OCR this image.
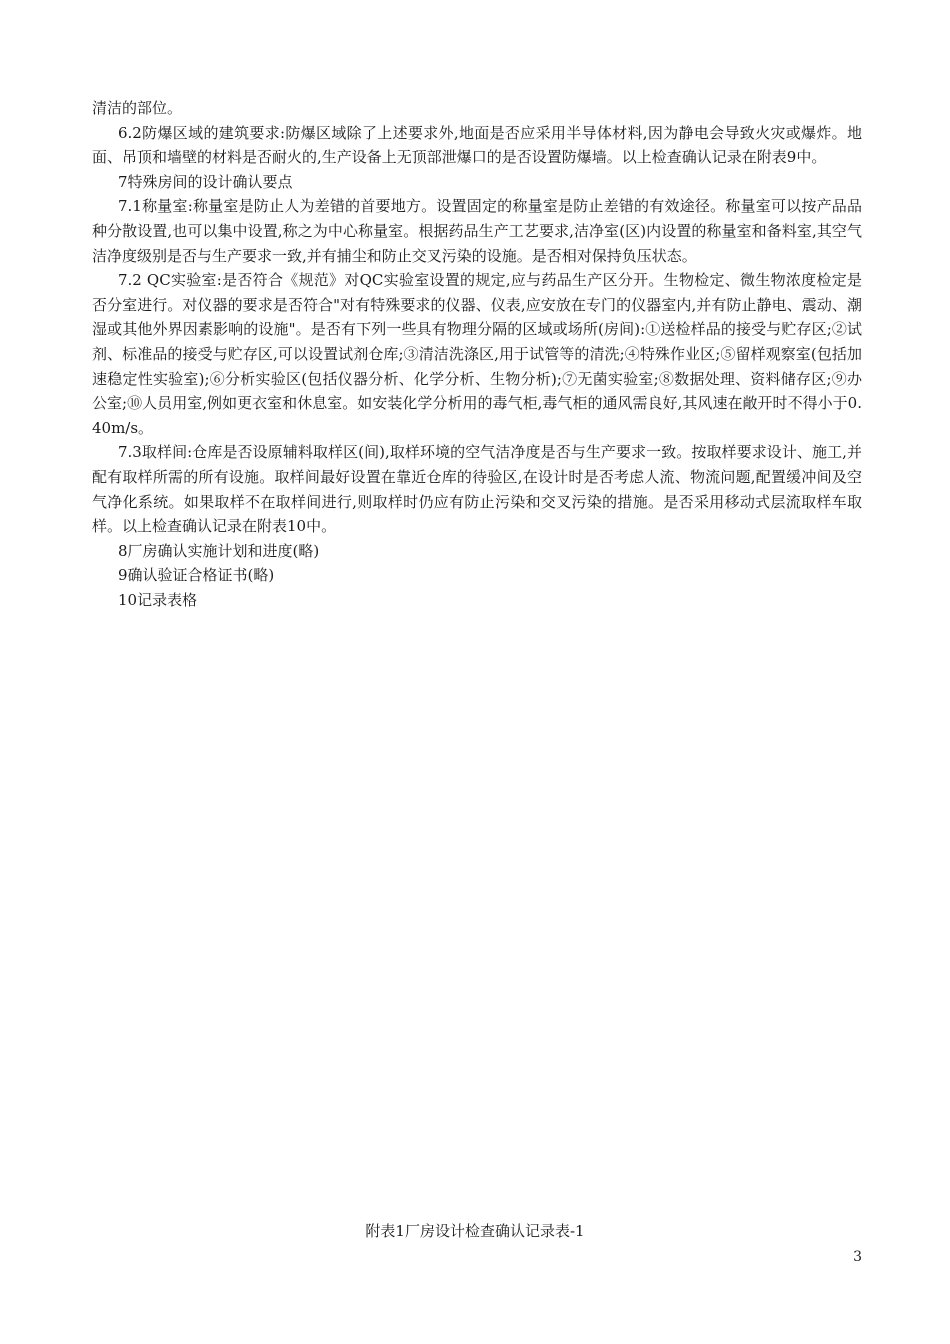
清洁的部位。

6.2防爆区域的建筑要求:防爆区域除了上述要求外,地面是否应采用半导体材料,因为静电会导致火灾或爆炸。地面、吊顶和墙壁的材料是否耐火的,生产设备上无顶部泄爆口的是否设置防爆墙。以上检查确认记录在附表9中。

7特殊房间的设计确认要点

7.1称量室:称量室是防止人为差错的首要地方。设置固定的称量室是防止差错的有效途径。称量室可以按产品品种分散设置,也可以集中设置,称之为中心称量室。根据药品生产工艺要求,洁净室(区)内设置的称量室和备料室,其空气洁净度级别是否与生产要求一致,并有捕尘和防止交叉污染的设施。是否相对保持负压状态。

7.2 QC实验室:是否符合《规范》对QC实验室设置的规定,应与药品生产区分开。生物检定、微生物浓度检定是否分室进行。对仪器的要求是否符合"对有特殊要求的仪器、仪表,应安放在专门的仪器室内,并有防止静电、震动、潮湿或其他外界因素影响的设施"。是否有下列一些具有物理分隔的区域或场所(房间):①送检样品的接受与贮存区;②试剂、标准品的接受与贮存区,可以设置试剂仓库;③清洁洗涤区,用于试管等的清洗;④特殊作业区;⑤留样观察室(包括加速稳定性实验室);⑥分析实验区(包括仪器分析、化学分析、生物分析);⑦无菌实验室;⑧数据处理、资料储存区;⑨办公室;⑩人员用室,例如更衣室和休息室。如安装化学分析用的毒气柜,毒气柜的通风需良好,其风速在敞开时不得小于0.40m/s。

7.3取样间:仓库是否设原辅料取样区(间),取样环境的空气洁净度是否与生产要求一致。按取样要求设计、施工,并配有取样所需的所有设施。取样间最好设置在靠近仓库的待验区,在设计时是否考虑人流、物流问题,配置缓冲间及空气净化系统。如果取样不在取样间进行,则取样时仍应有防止污染和交叉污染的措施。是否采用移动式层流取样车取样。以上检查确认记录在附表10中。

8厂房确认实施计划和进度(略)

9确认验证合格证书(略)

10记录表格

附表1厂房设计检查确认记录表-1

3
